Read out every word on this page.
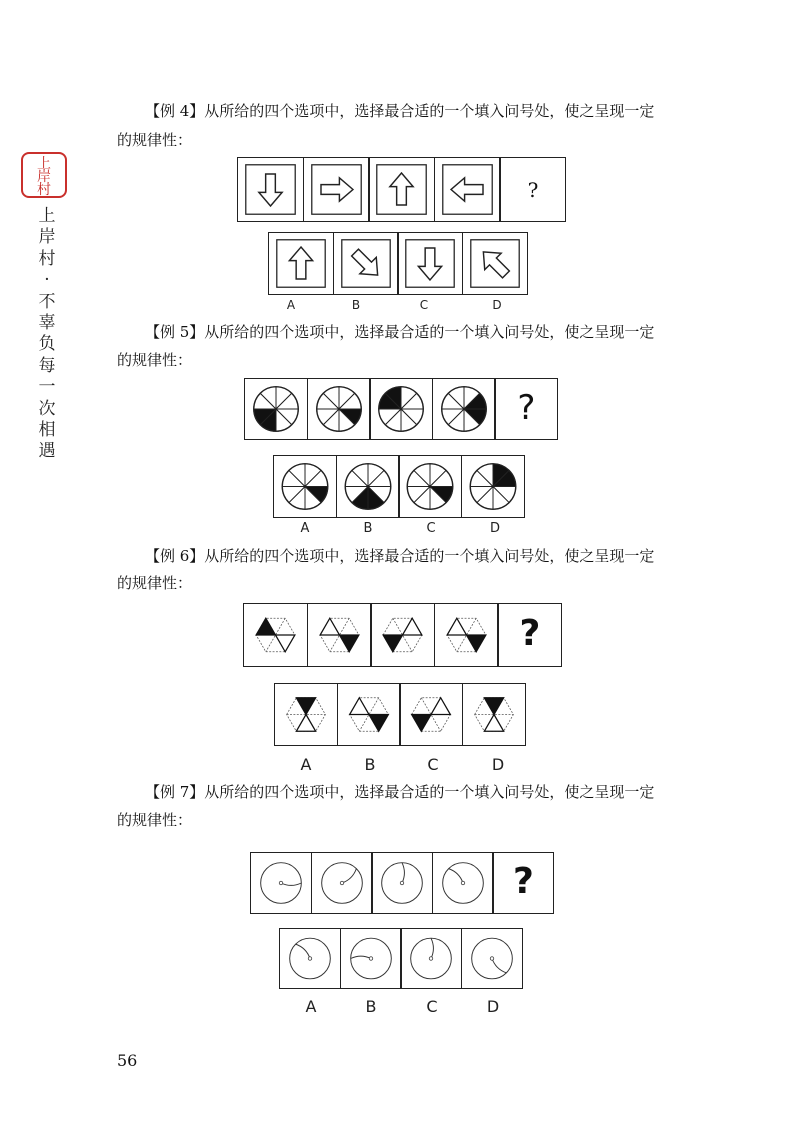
上
岸
村
上
岸
村
·
不
辜
负
每
一
次
相
遇
【例 4】从所给的四个选项中，选择最合适的一个填入问号处，使之呈现一定
的规律性：
?
A	B	C	D
【例 5】从所给的四个选项中，选择最合适的一个填入问号处，使之呈现一定
的规律性：
?
A	B	C	D
【例 6】从所给的四个选项中，选择最合适的一个填入问号处，使之呈现一定
的规律性：
?
A	B	C	D
【例 7】从所给的四个选项中，选择最合适的一个填入问号处，使之呈现一定
的规律性：
?
A	B	C	D
56
